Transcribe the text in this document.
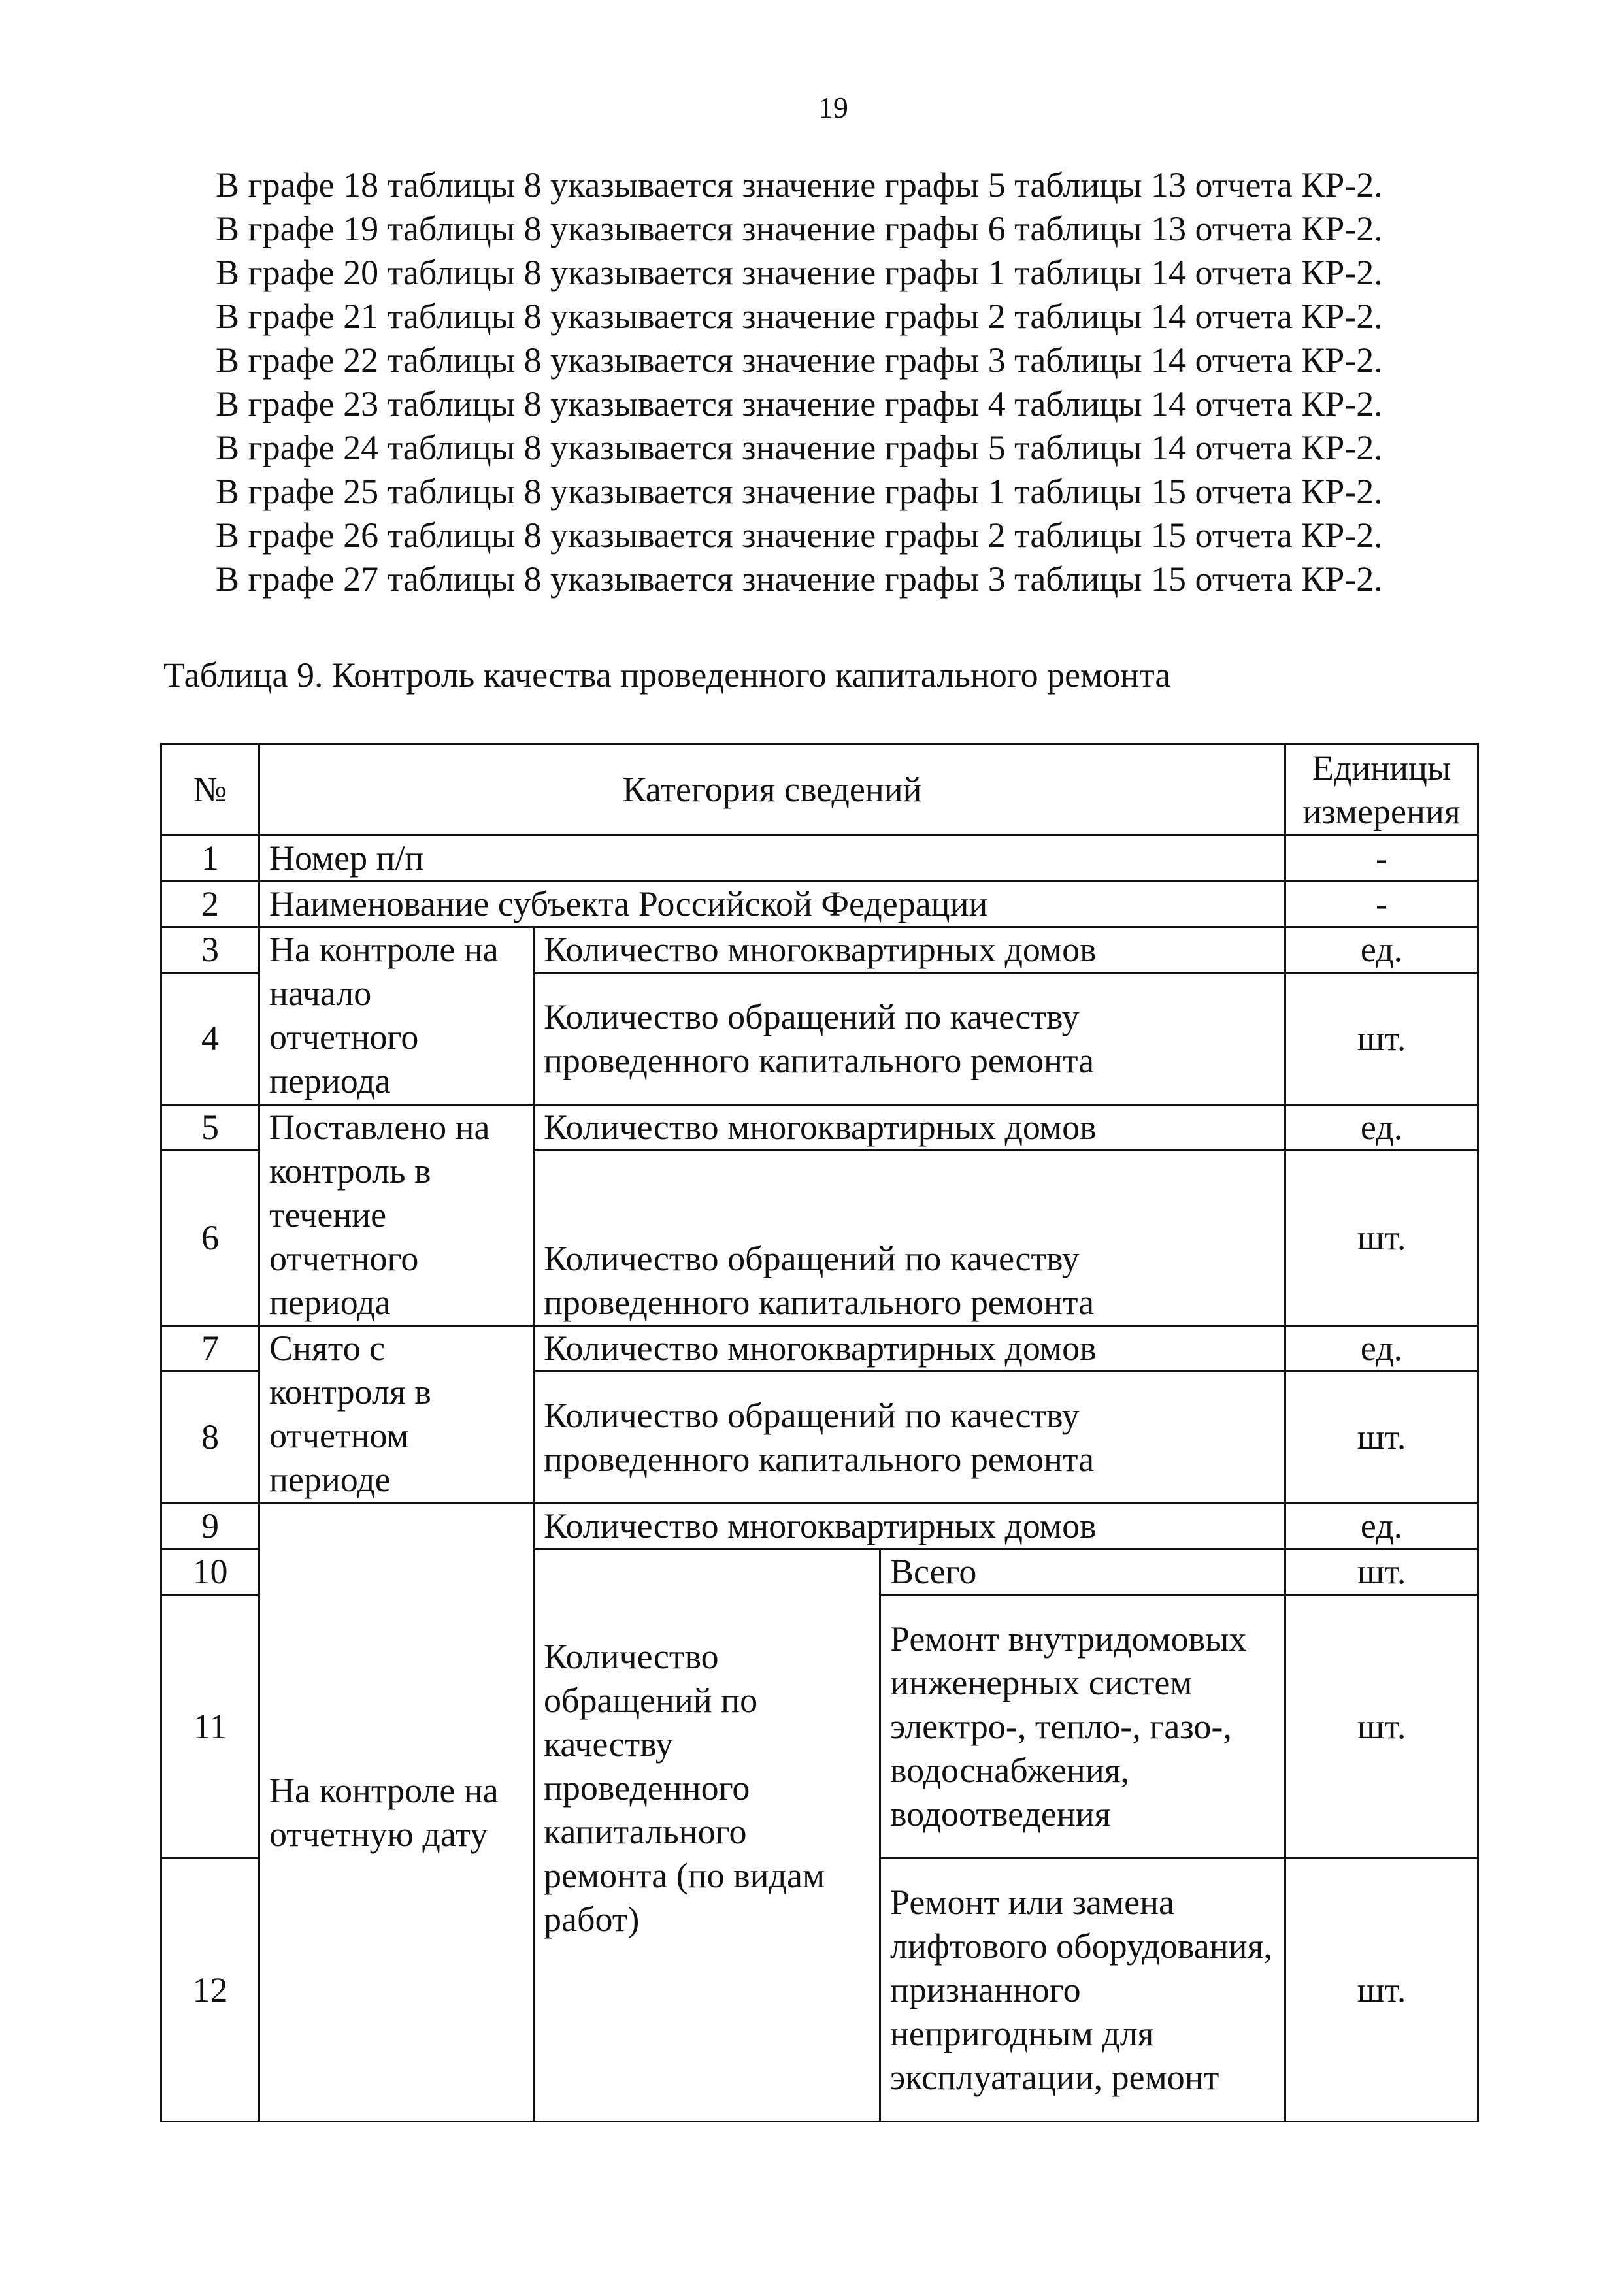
19
В графе 18 таблицы 8 указывается значение графы 5 таблицы 13 отчета КР-2.
В графе 19 таблицы 8 указывается значение графы 6 таблицы 13 отчета КР-2.
В графе 20 таблицы 8 указывается значение графы 1 таблицы 14 отчета КР-2.
В графе 21 таблицы 8 указывается значение графы 2 таблицы 14 отчета КР-2.
В графе 22 таблицы 8 указывается значение графы 3 таблицы 14 отчета КР-2.
В графе 23 таблицы 8 указывается значение графы 4 таблицы 14 отчета КР-2.
В графе 24 таблицы 8 указывается значение графы 5 таблицы 14 отчета КР-2.
В графе 25 таблицы 8 указывается значение графы 1 таблицы 15 отчета КР-2.
В графе 26 таблицы 8 указывается значение графы 2 таблицы 15 отчета КР-2.
В графе 27 таблицы 8 указывается значение графы 3 таблицы 15 отчета КР-2.
Таблица 9. Контроль качества проведенного капитального ремонта
№	Категория сведений			Единицы измерения
1	Номер п/п			-
2	Наименование субъекта Российской Федерации			-
3	На контроле на начало отчетного периода	Количество многоквартирных домов		ед.
4		Количество обращений по качеству проведенного капитального ремонта		шт.
5	Поставлено на контроль в течение отчетного периода	Количество многоквартирных домов		ед.
6		Количество обращений по качеству проведенного капитального ремонта		шт.
7	Снято с контроля в отчетном периоде	Количество многоквартирных домов		ед.
8		Количество обращений по качеству проведенного капитального ремонта		шт.
9	На контроле на отчетную дату	Количество многоквартирных домов		ед.
10		Количество обращений по качеству проведенного капитального ремонта (по видам работ)	Всего	шт.
11			Ремонт внутридомовых инженерных систем электро-, тепло-, газо-, водоснабжения, водоотведения	шт.
12			Ремонт или замена лифтового оборудования, признанного непригодным для эксплуатации, ремонт	шт.
